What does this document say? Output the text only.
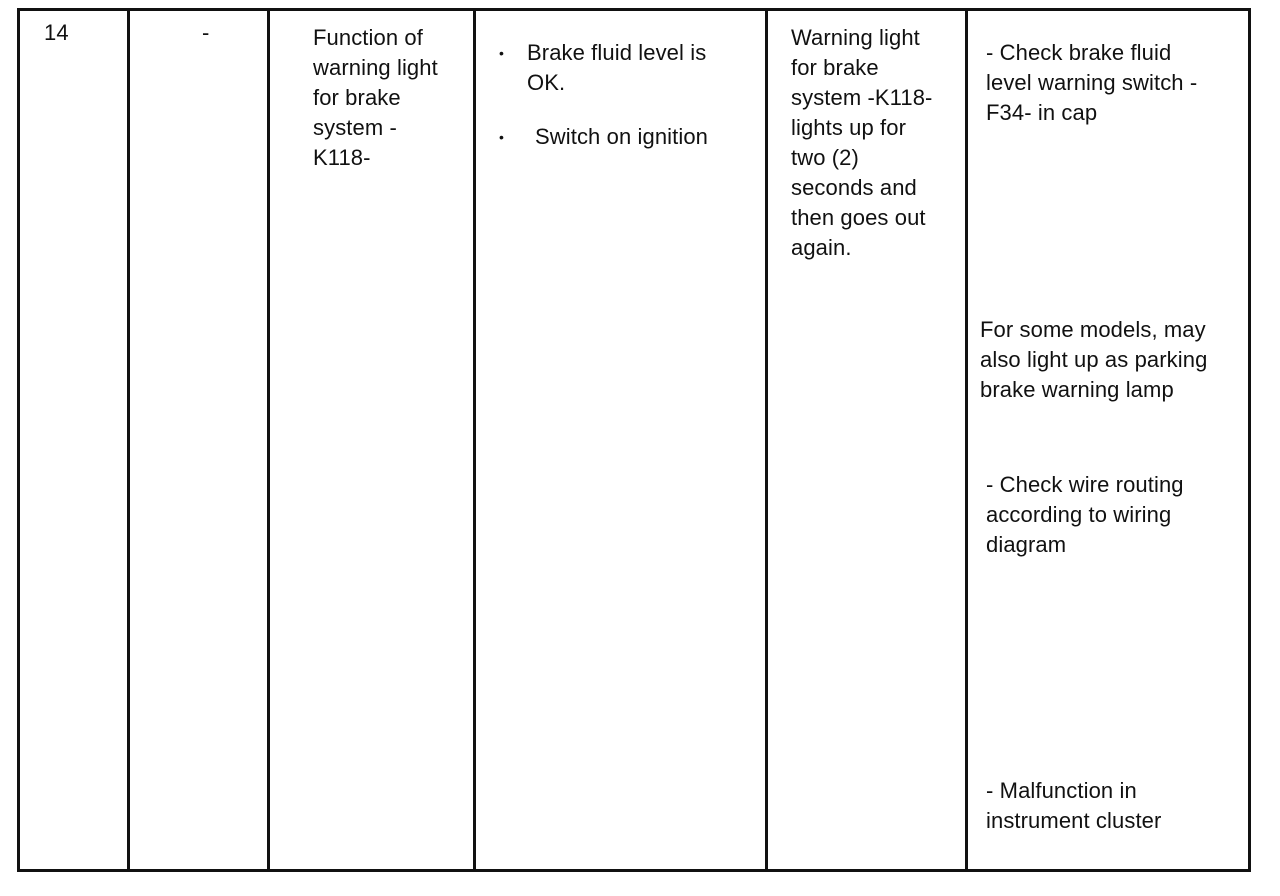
14	-	Function of
warning light
for brake
system -
K118-
• Brake fluid level is
OK.
• Switch on ignition
Warning light
for brake
system -K118-
lights up for
two (2)
seconds and
then goes out
again.
- Check brake fluid
level warning switch -
F34- in cap
For some models, may
also light up as parking
brake warning lamp
- Check wire routing
according to wiring
diagram
- Malfunction in
instrument cluster
